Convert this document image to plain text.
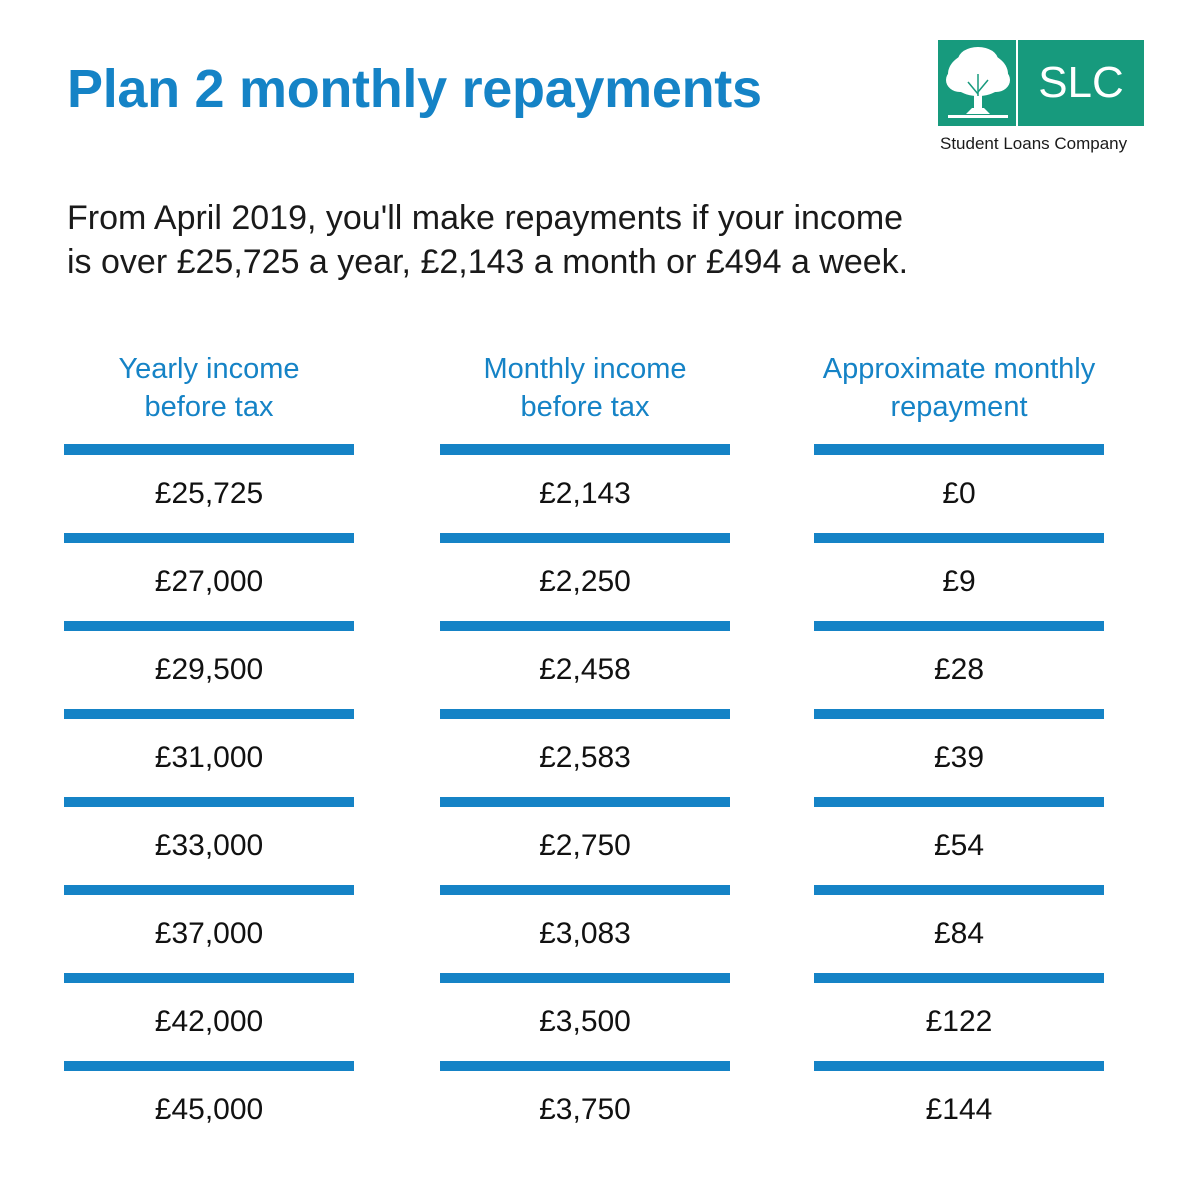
Plan 2 monthly repayments	SLC
Student Loans Company
From April 2019, you'll make repayments if your income
is over £25,725 a year, £2,143 a month or £494 a week.
Yearly income
before tax
£25,725
£27,000
£29,500
£31,000
£33,000
£37,000
£42,000
£45,000
Monthly income
before tax
£2,143
£2,250
£2,458
£2,583
£2,750
£3,083
£3,500
£3,750
Approximate monthly
repayment
£0
£9
£28
£39
£54
£84
£122
£144
